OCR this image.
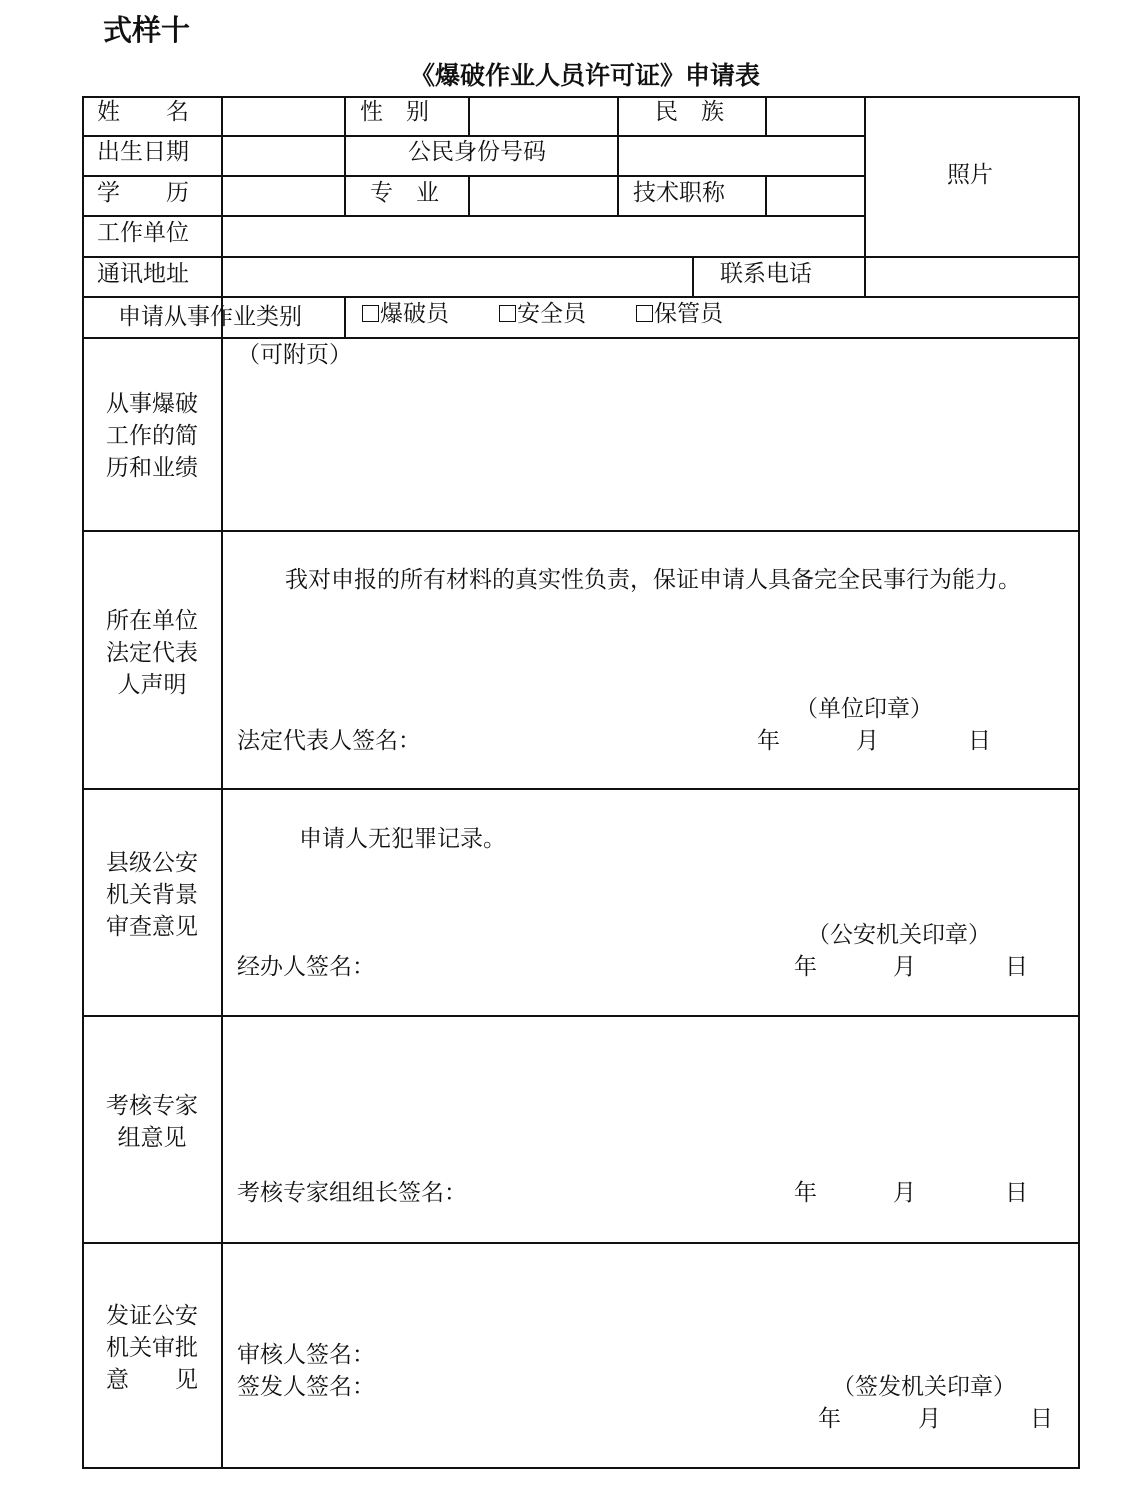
式样十
《爆破作业人员许可证》申请表
姓　　名	性　别	民　族
出生日期	公民身份号码
照片
学　　历	专　业	技术职称
工作单位
通讯地址	联系电话
申请从事作业类别	爆破员	安全员	保管员
从事爆破
工作的简
历和业绩
（可附页）
所在单位
法定代表
人声明
我对申报的所有材料的真实性负责，保证申请人具备完全民事行为能力。
（单位印章）
法定代表人签名：	年	月	日
县级公安
机关背景
审查意见
申请人无犯罪记录。
（公安机关印章）
经办人签名：	年	月	日
考核专家
组意见
考核专家组组长签名：	年	月	日
发证公安
机关审批
意　　见
审核人签名：
签发人签名：	（签发机关印章）
年	月	日
